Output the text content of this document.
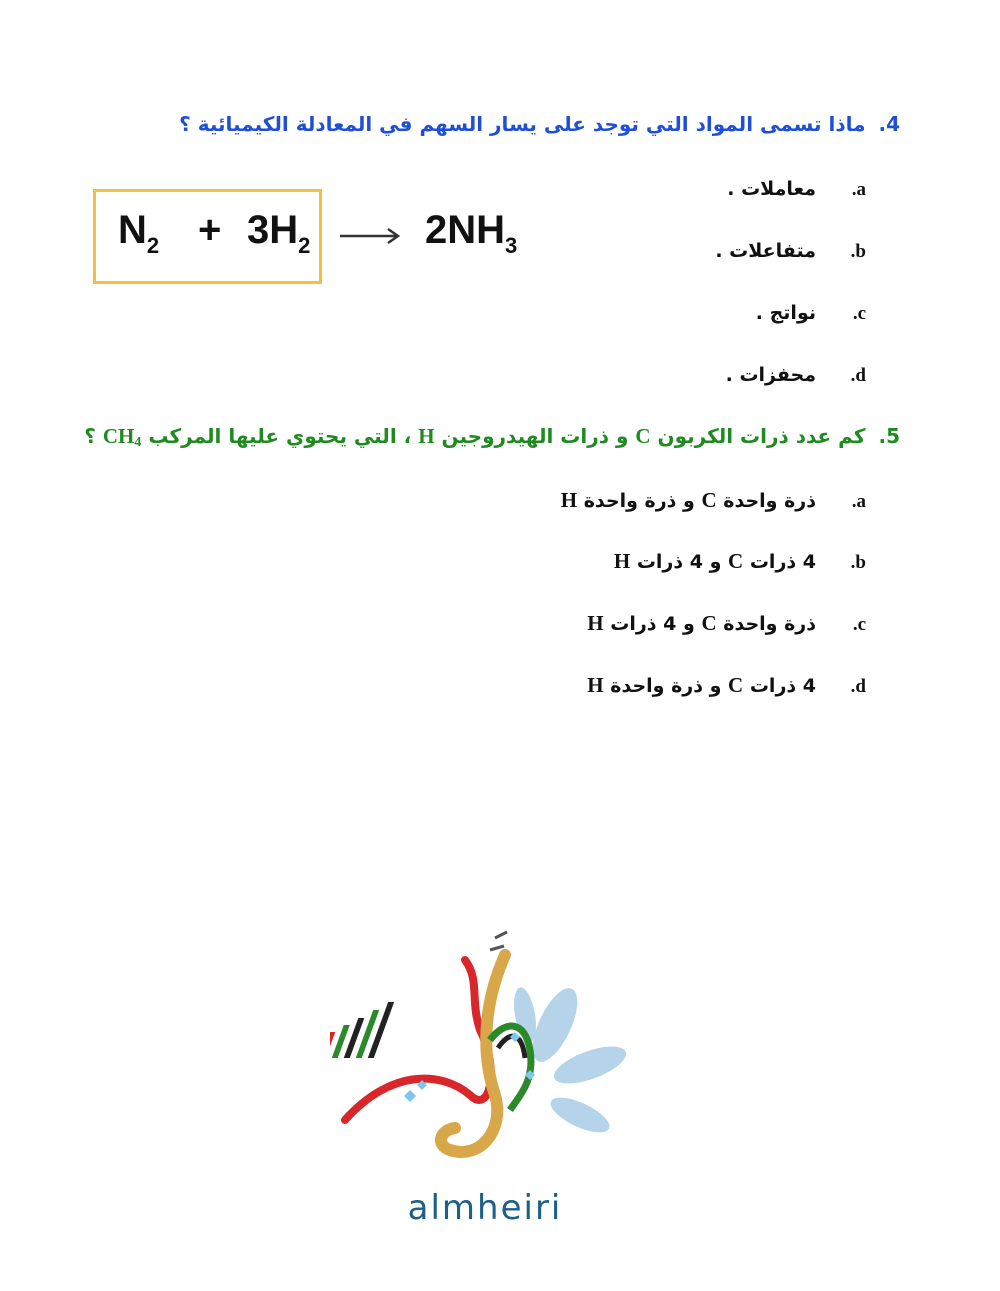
4. ماذا تسمى المواد التي توجد على يسار السهم في المعادلة الكيميائية ؟
a.معاملات .
b.متفاعلات .
c.نواتج .
d.محفزات .
$N_2 + 3H_2$	$2NH_3$
5. كم عدد ذرات الكربون C و ذرات الهيدروجين H ، التي يحتوي عليها المركب $CH_4$ ؟
a.ذرة واحدة C و ذرة واحدة H
b.4 ذرات C و 4 ذرات H
c.ذرة واحدة C و 4 ذرات H
d.4 ذرات C و ذرة واحدة H
almheiri
